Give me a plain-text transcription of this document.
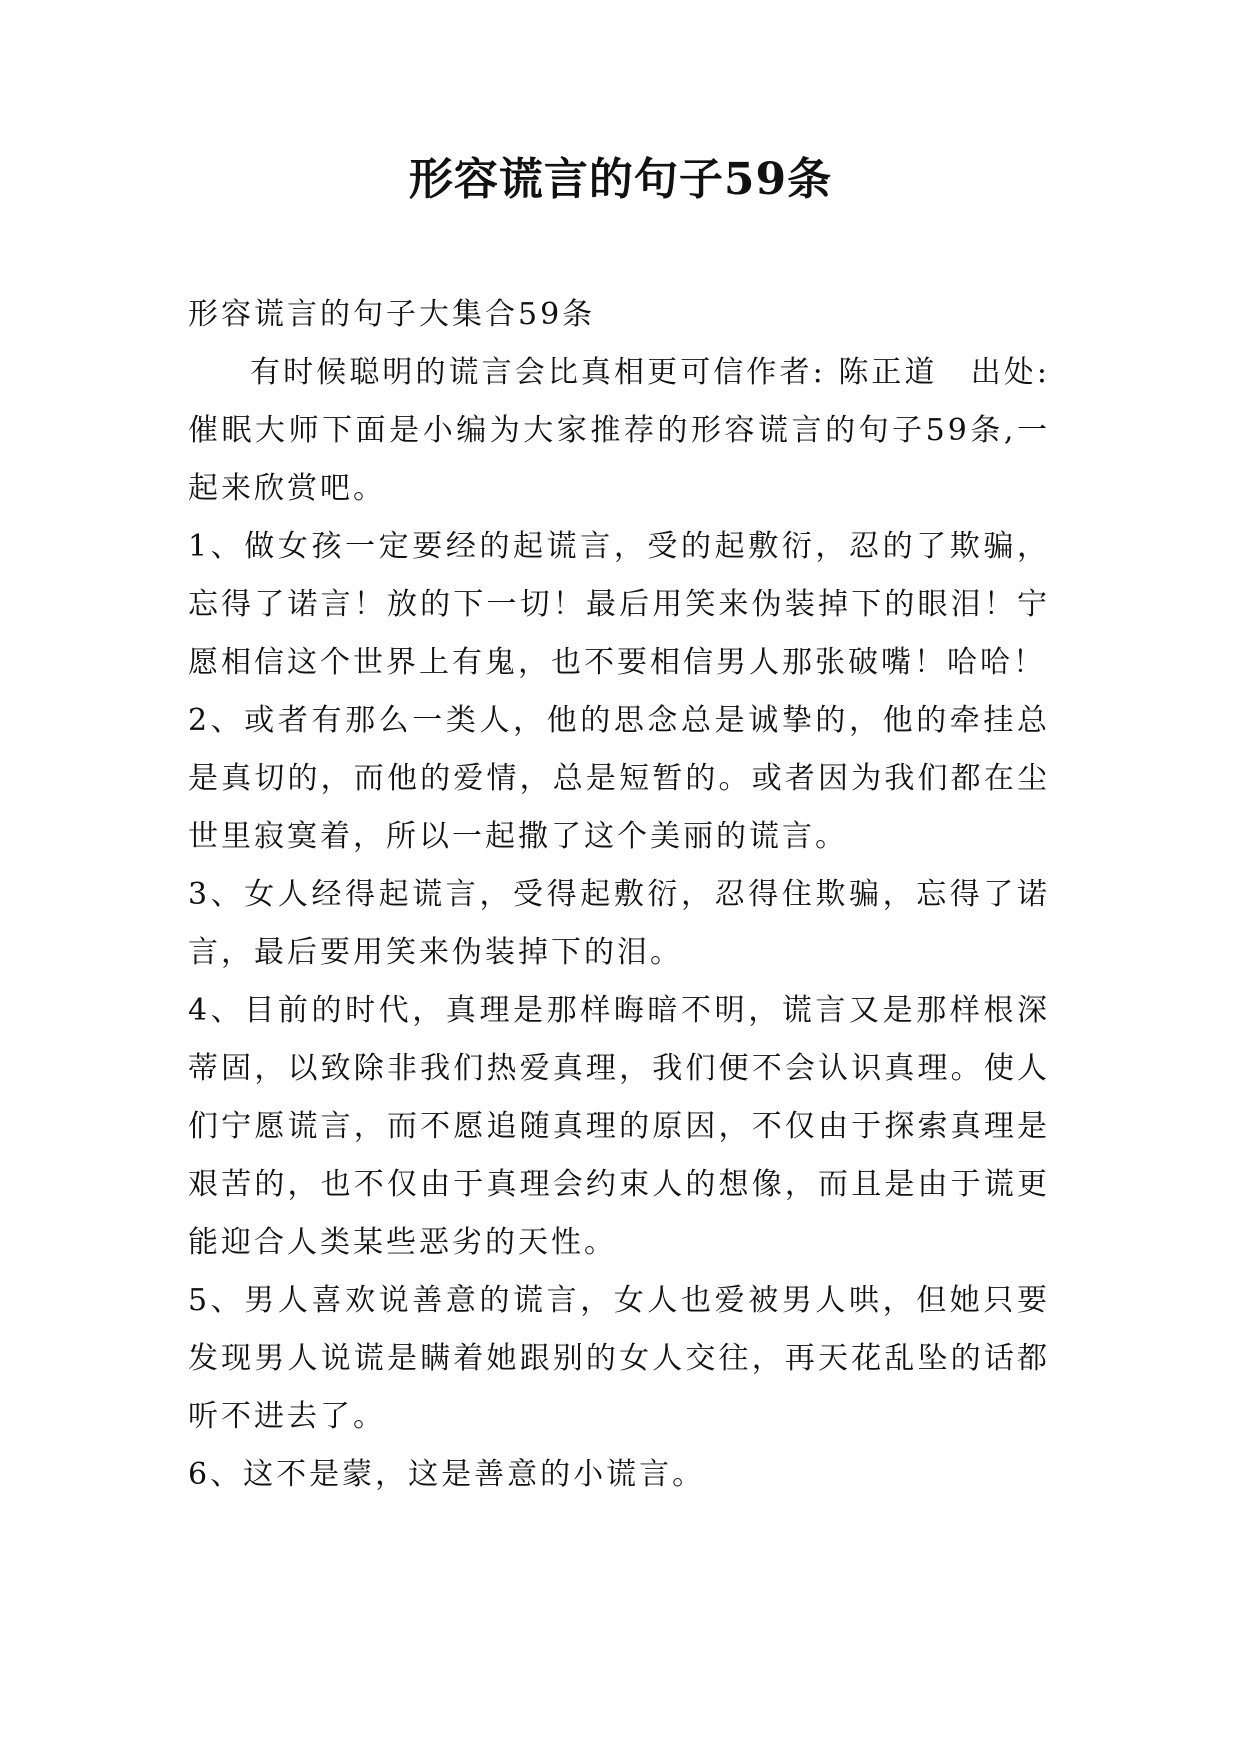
形容谎言的句子59条

形容谎言的句子大集合59条

有时候聪明的谎言会比真相更可信作者: 陈正道　出处: 催眠大师下面是小编为大家推荐的形容谎言的句子59条,一起来欣赏吧。

1、做女孩一定要经的起谎言，受的起敷衍，忍的了欺骗，忘得了诺言！放的下一切！最后用笑来伪装掉下的眼泪！宁愿相信这个世界上有鬼，也不要相信男人那张破嘴！哈哈！

2、或者有那么一类人，他的思念总是诚挚的，他的牵挂总是真切的，而他的爱情，总是短暂的。或者因为我们都在尘世里寂寞着，所以一起撒了这个美丽的谎言。

3、女人经得起谎言，受得起敷衍，忍得住欺骗，忘得了诺言，最后要用笑来伪装掉下的泪。

4、目前的时代，真理是那样晦暗不明，谎言又是那样根深蒂固，以致除非我们热爱真理，我们便不会认识真理。使人们宁愿谎言，而不愿追随真理的原因，不仅由于探索真理是艰苦的，也不仅由于真理会约束人的想像，而且是由于谎更能迎合人类某些恶劣的天性。

5、男人喜欢说善意的谎言，女人也爱被男人哄，但她只要发现男人说谎是瞒着她跟别的女人交往，再天花乱坠的话都听不进去了。

6、这不是蒙，这是善意的小谎言。
